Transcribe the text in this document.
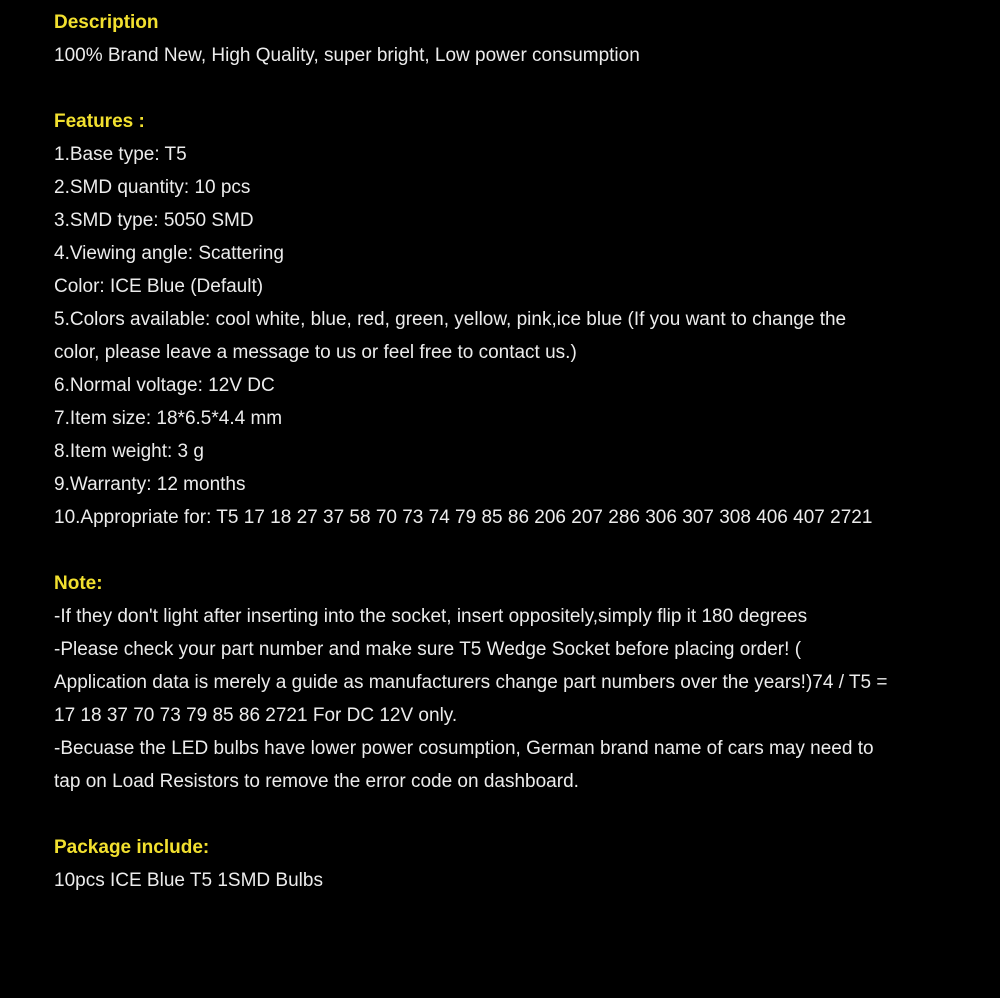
Description
100% Brand New, High Quality, super bright, Low power consumption
Features :
1.Base type: T5
2.SMD quantity: 10 pcs
3.SMD type: 5050 SMD
4.Viewing angle: Scattering
Color: ICE Blue (Default)
5.Colors available: cool white, blue, red, green, yellow, pink,ice blue (If you want to change the
color, please leave a message to us or feel free to contact us.)
6.Normal voltage: 12V DC
7.Item size: 18*6.5*4.4 mm
8.Item weight: 3 g
9.Warranty: 12 months
10.Appropriate for: T5 17 18 27 37 58 70 73 74 79 85 86 206 207 286 306 307 308 406 407 2721
Note:
-If they don't light after inserting into the socket, insert oppositely,simply flip it 180 degrees
-Please check your part number and make sure T5 Wedge Socket before placing order! (
Application data is merely a guide as manufacturers change part numbers over the years!)74 / T5 =
17 18 37 70 73 79 85 86 2721 For DC 12V only.
-Becuase the LED bulbs have lower power cosumption, German brand name of cars may need to
tap on Load Resistors to remove the error code on dashboard.
Package include:
10pcs ICE Blue T5 1SMD Bulbs
